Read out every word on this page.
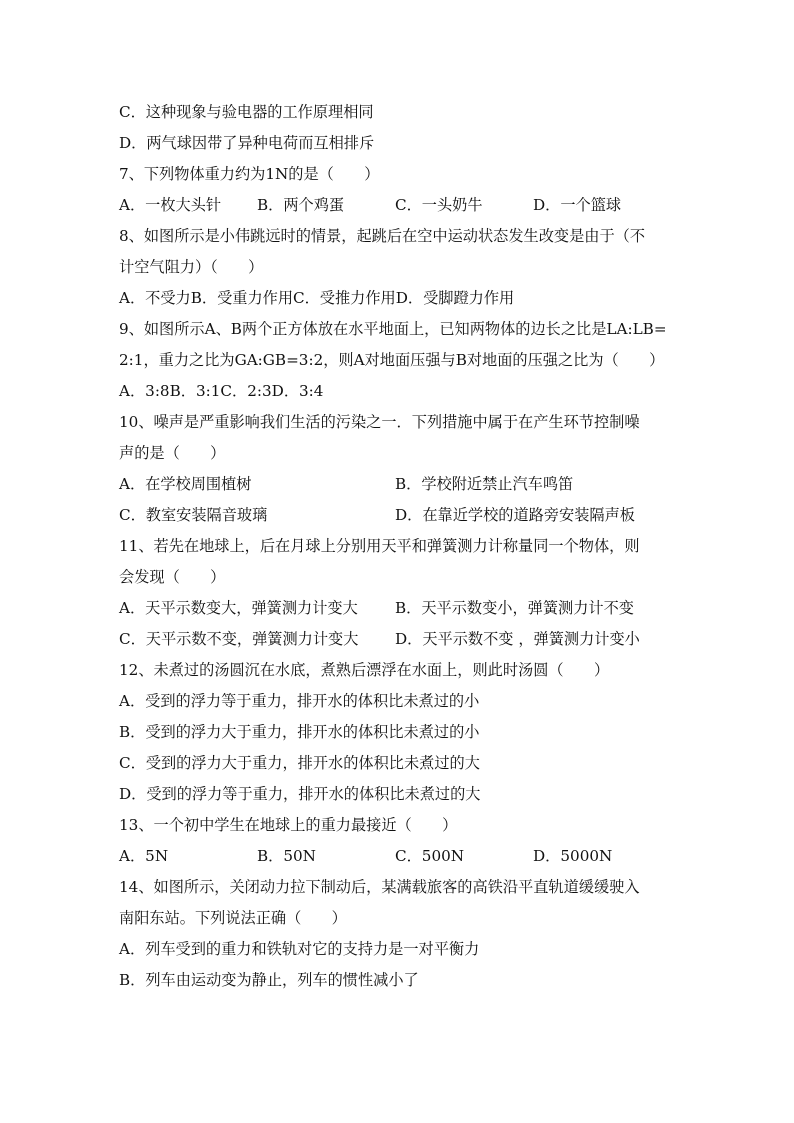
C．这种现象与验电器的工作原理相同
D．两气球因带了异种电荷而互相排斥
7、下列物体重力约为1N的是（　　）
A．一枚大头针	B．两个鸡蛋	C．一头奶牛	D．一个篮球
8、如图所示是小伟跳远时的情景，起跳后在空中运动状态发生改变是由于（不
计空气阻力）（　　）
A．不受力B．受重力作用C．受推力作用D．受脚蹬力作用
9、如图所示A、B两个正方体放在水平地面上，已知两物体的边长之比是LA:LB=
2:1，重力之比为GA:GB=3:2，则A对地面压强与B对地面的压强之比为（　　）
A．3:8B．3:1C．2:3D．3:4
10、噪声是严重影响我们生活的污染之一．下列措施中属于在产生环节控制噪
声的是（　　）
A．在学校周围植树	B．学校附近禁止汽车鸣笛
C．教室安装隔音玻璃	D．在靠近学校的道路旁安装隔声板
11、若先在地球上，后在月球上分别用天平和弹簧测力计称量同一个物体，则
会发现（　　）
A．天平示数变大，弹簧测力计变大	B．天平示数变小，弹簧测力计不变
C．天平示数不变，弹簧测力计变大	D．天平示数不变 ，弹簧测力计变小
12、未煮过的汤圆沉在水底，煮熟后漂浮在水面上，则此时汤圆（　　）
A．受到的浮力等于重力，排开水的体积比未煮过的小
B．受到的浮力大于重力，排开水的体积比未煮过的小
C．受到的浮力大于重力，排开水的体积比未煮过的大
D．受到的浮力等于重力，排开水的体积比未煮过的大
13、一个初中学生在地球上的重力最接近（　　）
A．5N	B．50N	C．500N	D．5000N
14、如图所示，关闭动力拉下制动后，某满载旅客的高铁沿平直轨道缓缓驶入
南阳东站。下列说法正确（　　）
A．列车受到的重力和铁轨对它的支持力是一对平衡力
B．列车由运动变为静止，列车的惯性减小了
